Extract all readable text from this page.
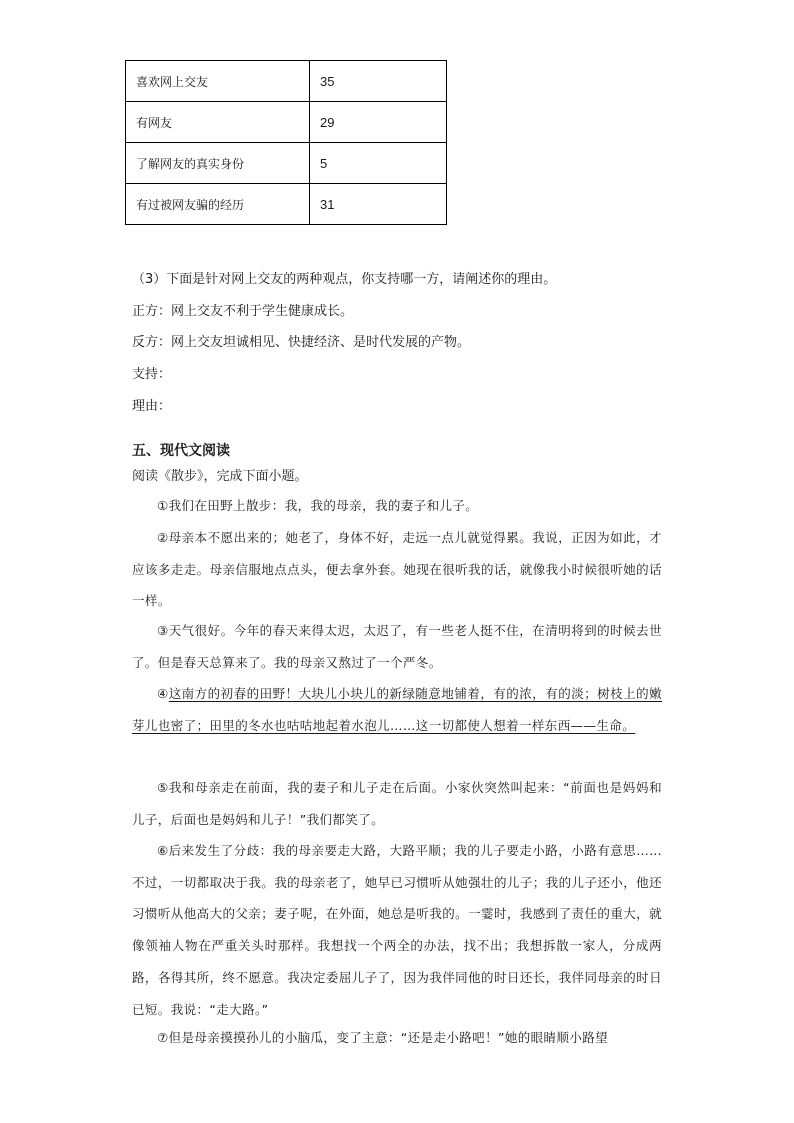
喜欢网上交友	35
有网友	29
了解网友的真实身份	5
有过被网友骗的经历	31
（3）下面是针对网上交友的两种观点，你支持哪一方，请阐述你的理由。
正方：网上交友不利于学生健康成长。
反方：网上交友坦诚相见、快捷经济、是时代发展的产物。
支持：
理由：
五、现代文阅读
阅读《散步》，完成下面小题。
①我们在田野上散步：我，我的母亲，我的妻子和儿子。
②母亲本不愿出来的；她老了，身体不好，走远一点儿就觉得累。我说，正因为如此，才应该多走走。母亲信服地点点头，便去拿外套。她现在很听我的话，就像我小时候很听她的话一样。
③天气很好。今年的春天来得太迟，太迟了，有一些老人挺不住，在清明将到的时候去世了。但是春天总算来了。我的母亲又熬过了一个严冬。
④这南方的初春的田野！大块儿小块儿的新绿随意地铺着，有的浓，有的淡；树枝上的嫩芽儿也密了；田里的冬水也咕咕地起着水泡儿……这一切都使人想着一样东西——生命。
⑤我和母亲走在前面，我的妻子和儿子走在后面。小家伙突然叫起来：“前面也是妈妈和儿子，后面也是妈妈和儿子！”我们都笑了。
⑥后来发生了分歧：我的母亲要走大路，大路平顺；我的儿子要走小路，小路有意思……不过，一切都取决于我。我的母亲老了，她早已习惯听从她强壮的儿子；我的儿子还小，他还习惯听从他高大的父亲；妻子呢，在外面，她总是听我的。一霎时，我感到了责任的重大，就像领袖人物在严重关头时那样。我想找一个两全的办法，找不出；我想拆散一家人，分成两路，各得其所，终不愿意。我决定委屈儿子了，因为我伴同他的时日还长，我伴同母亲的时日已短。我说：“走大路。”
⑦但是母亲摸摸孙儿的小脑瓜，变了主意：“还是走小路吧！”她的眼睛顺小路望
